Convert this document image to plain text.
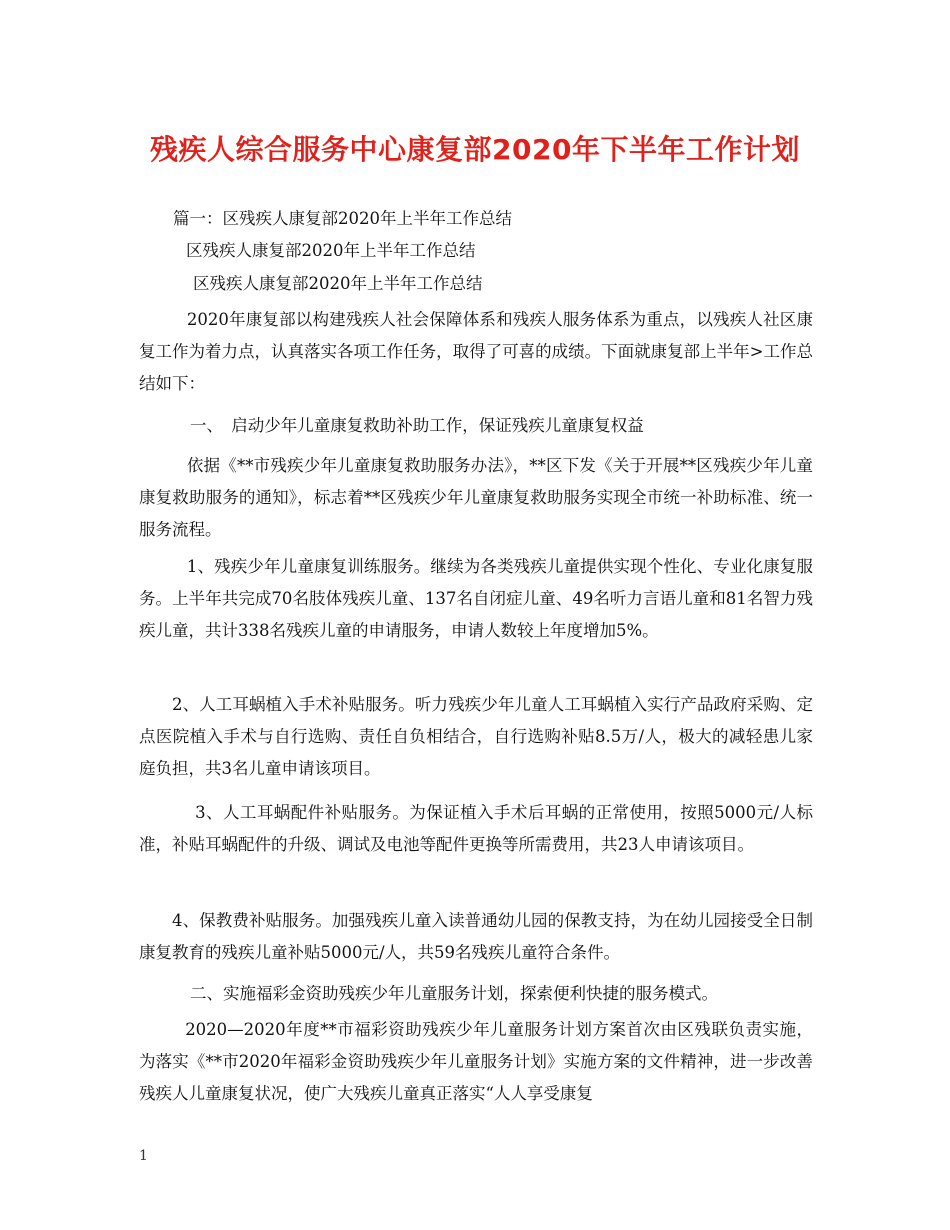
残疾人综合服务中心康复部2020年下半年工作计划
篇一：区残疾人康复部2020年上半年工作总结
区残疾人康复部2020年上半年工作总结
区残疾人康复部2020年上半年工作总结
2020年康复部以构建残疾人社会保障体系和残疾人服务体系为重点，以残疾人社区康复工作为着力点，认真落实各项工作任务，取得了可喜的成绩。下面就康复部上半年>工作总结如下：
一、　启动少年儿童康复救助补助工作，保证残疾儿童康复权益
依据《**市残疾少年儿童康复救助服务办法》，**区下发《关于开展**区残疾少年儿童康复救助服务的通知》，标志着**区残疾少年儿童康复救助服务实现全市统一补助标准、统一服务流程。
1、残疾少年儿童康复训练服务。继续为各类残疾儿童提供实现个性化、专业化康复服务。上半年共完成70名肢体残疾儿童、137名自闭症儿童、49名听力言语儿童和81名智力残疾儿童，共计338名残疾儿童的申请服务，申请人数较上年度增加5%。
2、人工耳蜗植入手术补贴服务。听力残疾少年儿童人工耳蜗植入实行产品政府采购、定点医院植入手术与自行选购、责任自负相结合，自行选购补贴8.5万/人，极大的减轻患儿家庭负担，共3名儿童申请该项目。
3、人工耳蜗配件补贴服务。为保证植入手术后耳蜗的正常使用，按照5000元/人标准，补贴耳蜗配件的升级、调试及电池等配件更换等所需费用，共23人申请该项目。
4、保教费补贴服务。加强残疾儿童入读普通幼儿园的保教支持，为在幼儿园接受全日制康复教育的残疾儿童补贴5000元/人，共59名残疾儿童符合条件。
二、实施福彩金资助残疾少年儿童服务计划，探索便利快捷的服务模式。
2020—2020年度**市福彩资助残疾少年儿童服务计划方案首次由区残联负责实施，为落实《**市2020年福彩金资助残疾少年儿童服务计划》实施方案的文件精神，进一步改善残疾人儿童康复状况，使广大残疾儿童真正落实“人人享受康复
1
